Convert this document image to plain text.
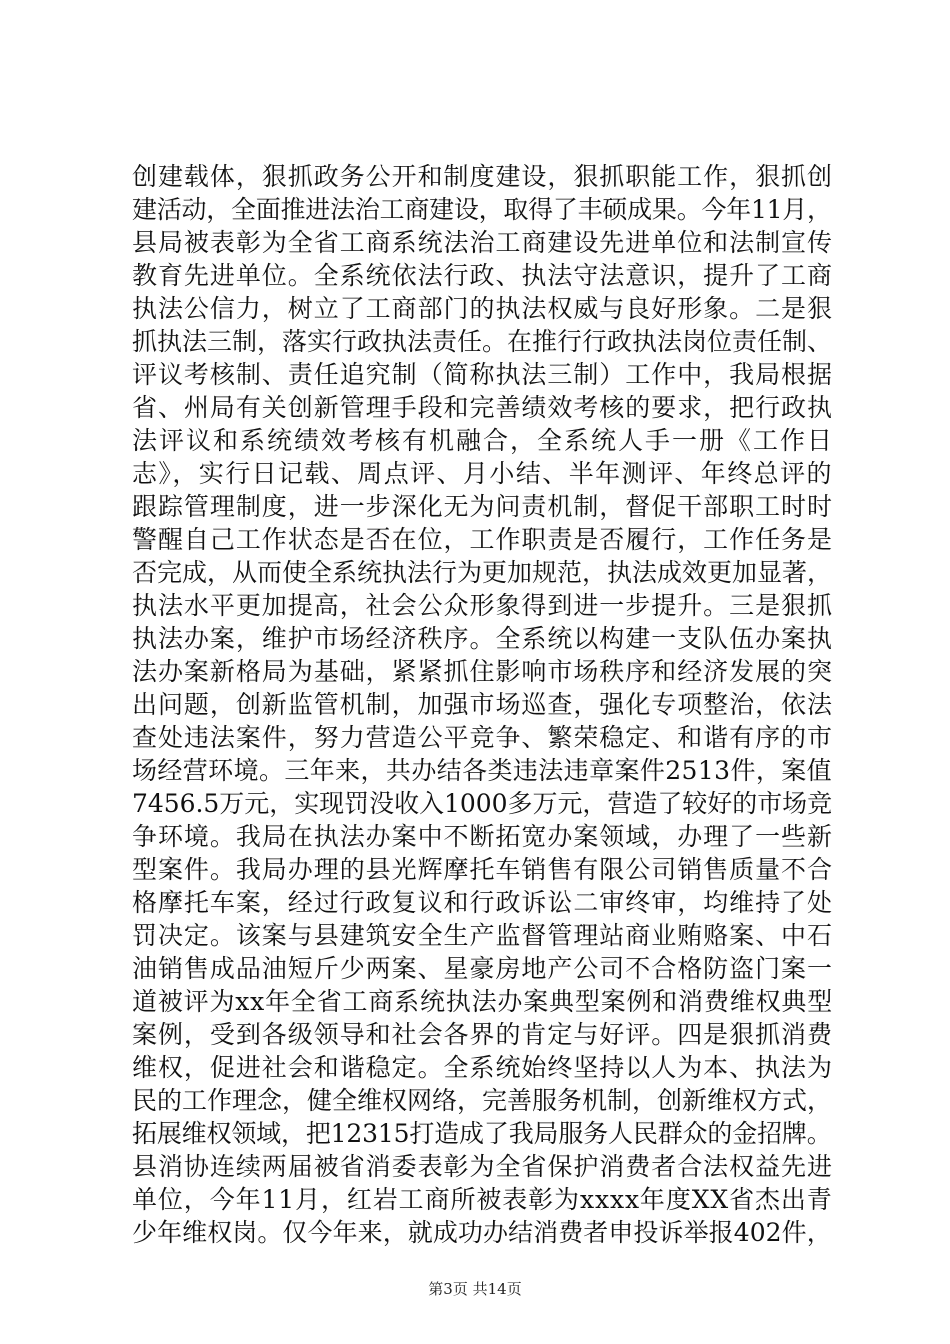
创建载体，狠抓政务公开和制度建设，狠抓职能工作，狠抓创
建活动，全面推进法治工商建设，取得了丰硕成果。今年11月，
县局被表彰为全省工商系统法治工商建设先进单位和法制宣传
教育先进单位。全系统依法行政、执法守法意识，提升了工商
执法公信力，树立了工商部门的执法权威与良好形象。二是狠
抓执法三制，落实行政执法责任。在推行行政执法岗位责任制、
评议考核制、责任追究制（简称执法三制）工作中，我局根据
省、州局有关创新管理手段和完善绩效考核的要求，把行政执
法评议和系统绩效考核有机融合，全系统人手一册《工作日
志》，实行日记载、周点评、月小结、半年测评、年终总评的
跟踪管理制度，进一步深化无为问责机制，督促干部职工时时
警醒自己工作状态是否在位，工作职责是否履行，工作任务是
否完成，从而使全系统执法行为更加规范，执法成效更加显著，
执法水平更加提高，社会公众形象得到进一步提升。三是狠抓
执法办案，维护市场经济秩序。全系统以构建一支队伍办案执
法办案新格局为基础，紧紧抓住影响市场秩序和经济发展的突
出问题，创新监管机制，加强市场巡查，强化专项整治，依法
查处违法案件，努力营造公平竞争、繁荣稳定、和谐有序的市
场经营环境。三年来，共办结各类违法违章案件2513件，案值
7456.5万元，实现罚没收入1000多万元，营造了较好的市场竞
争环境。我局在执法办案中不断拓宽办案领域，办理了一些新
型案件。我局办理的县光辉摩托车销售有限公司销售质量不合
格摩托车案，经过行政复议和行政诉讼二审终审，均维持了处
罚决定。该案与县建筑安全生产监督管理站商业贿赂案、中石
油销售成品油短斤少两案、星豪房地产公司不合格防盗门案一
道被评为xx年全省工商系统执法办案典型案例和消费维权典型
案例，受到各级领导和社会各界的肯定与好评。四是狠抓消费
维权，促进社会和谐稳定。全系统始终坚持以人为本、执法为
民的工作理念，健全维权网络，完善服务机制，创新维权方式，
拓展维权领域，把12315打造成了我局服务人民群众的金招牌。
县消协连续两届被省消委表彰为全省保护消费者合法权益先进
单位，今年11月，红岩工商所被表彰为xxxx年度XX省杰出青
少年维权岗。仅今年来，就成功办结消费者申投诉举报402件，
第3页 共14页
